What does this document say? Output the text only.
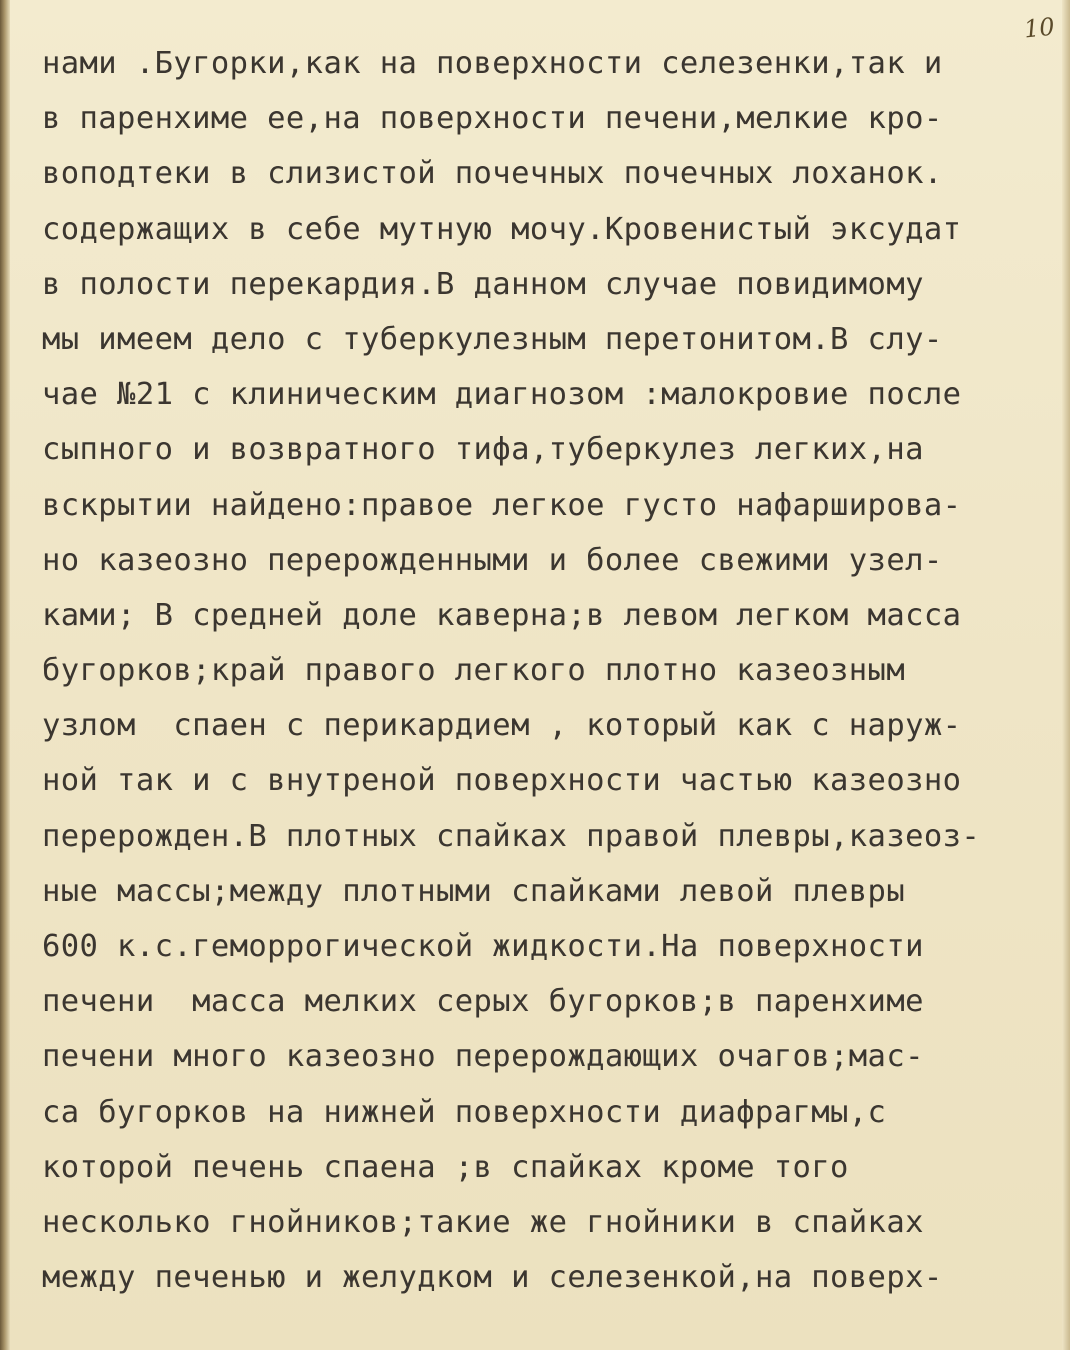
10
нами .Бугорки,как на поверхности селезенки,так и
в паренхиме ее,на поверхности печени,мелкие кро-
воподтеки в слизистой почечных почечных лоханок.
содержащих в себе мутную мочу.Кровенистый эксудат
в полости перекардия.В данном случае повидимому
мы имеем дело с туберкулезным перетонитом.В слу-
чае №21 с клиническим диагнозом :малокровие после
сыпного и возвратного тифа,туберкулез легких,на
вскрытии найдено:правое легкое густо нафарширова-
но казеозно перерожденными и более свежими узел-
ками; В средней доле каверна;в левом легком масса
бугорков;край правого легкого плотно казеозным
узлом  спаен с перикардием , который как с наруж-
ной так и с внутреной поверхности частью казеозно
перерожден.В плотных спайках правой плевры,казеоз-
ные массы;между плотными спайками левой плевры
600 к.с.геморрогической жидкости.На поверхности
печени  масса мелких серых бугорков;в паренхиме
печени много казеозно перерождающих очагов;мас-
са бугорков на нижней поверхности диафрагмы,с
которой печень спаена ;в спайках кроме того
несколько гнойников;такие же гнойники в спайках
между печенью и желудком и селезенкой,на поверх-
